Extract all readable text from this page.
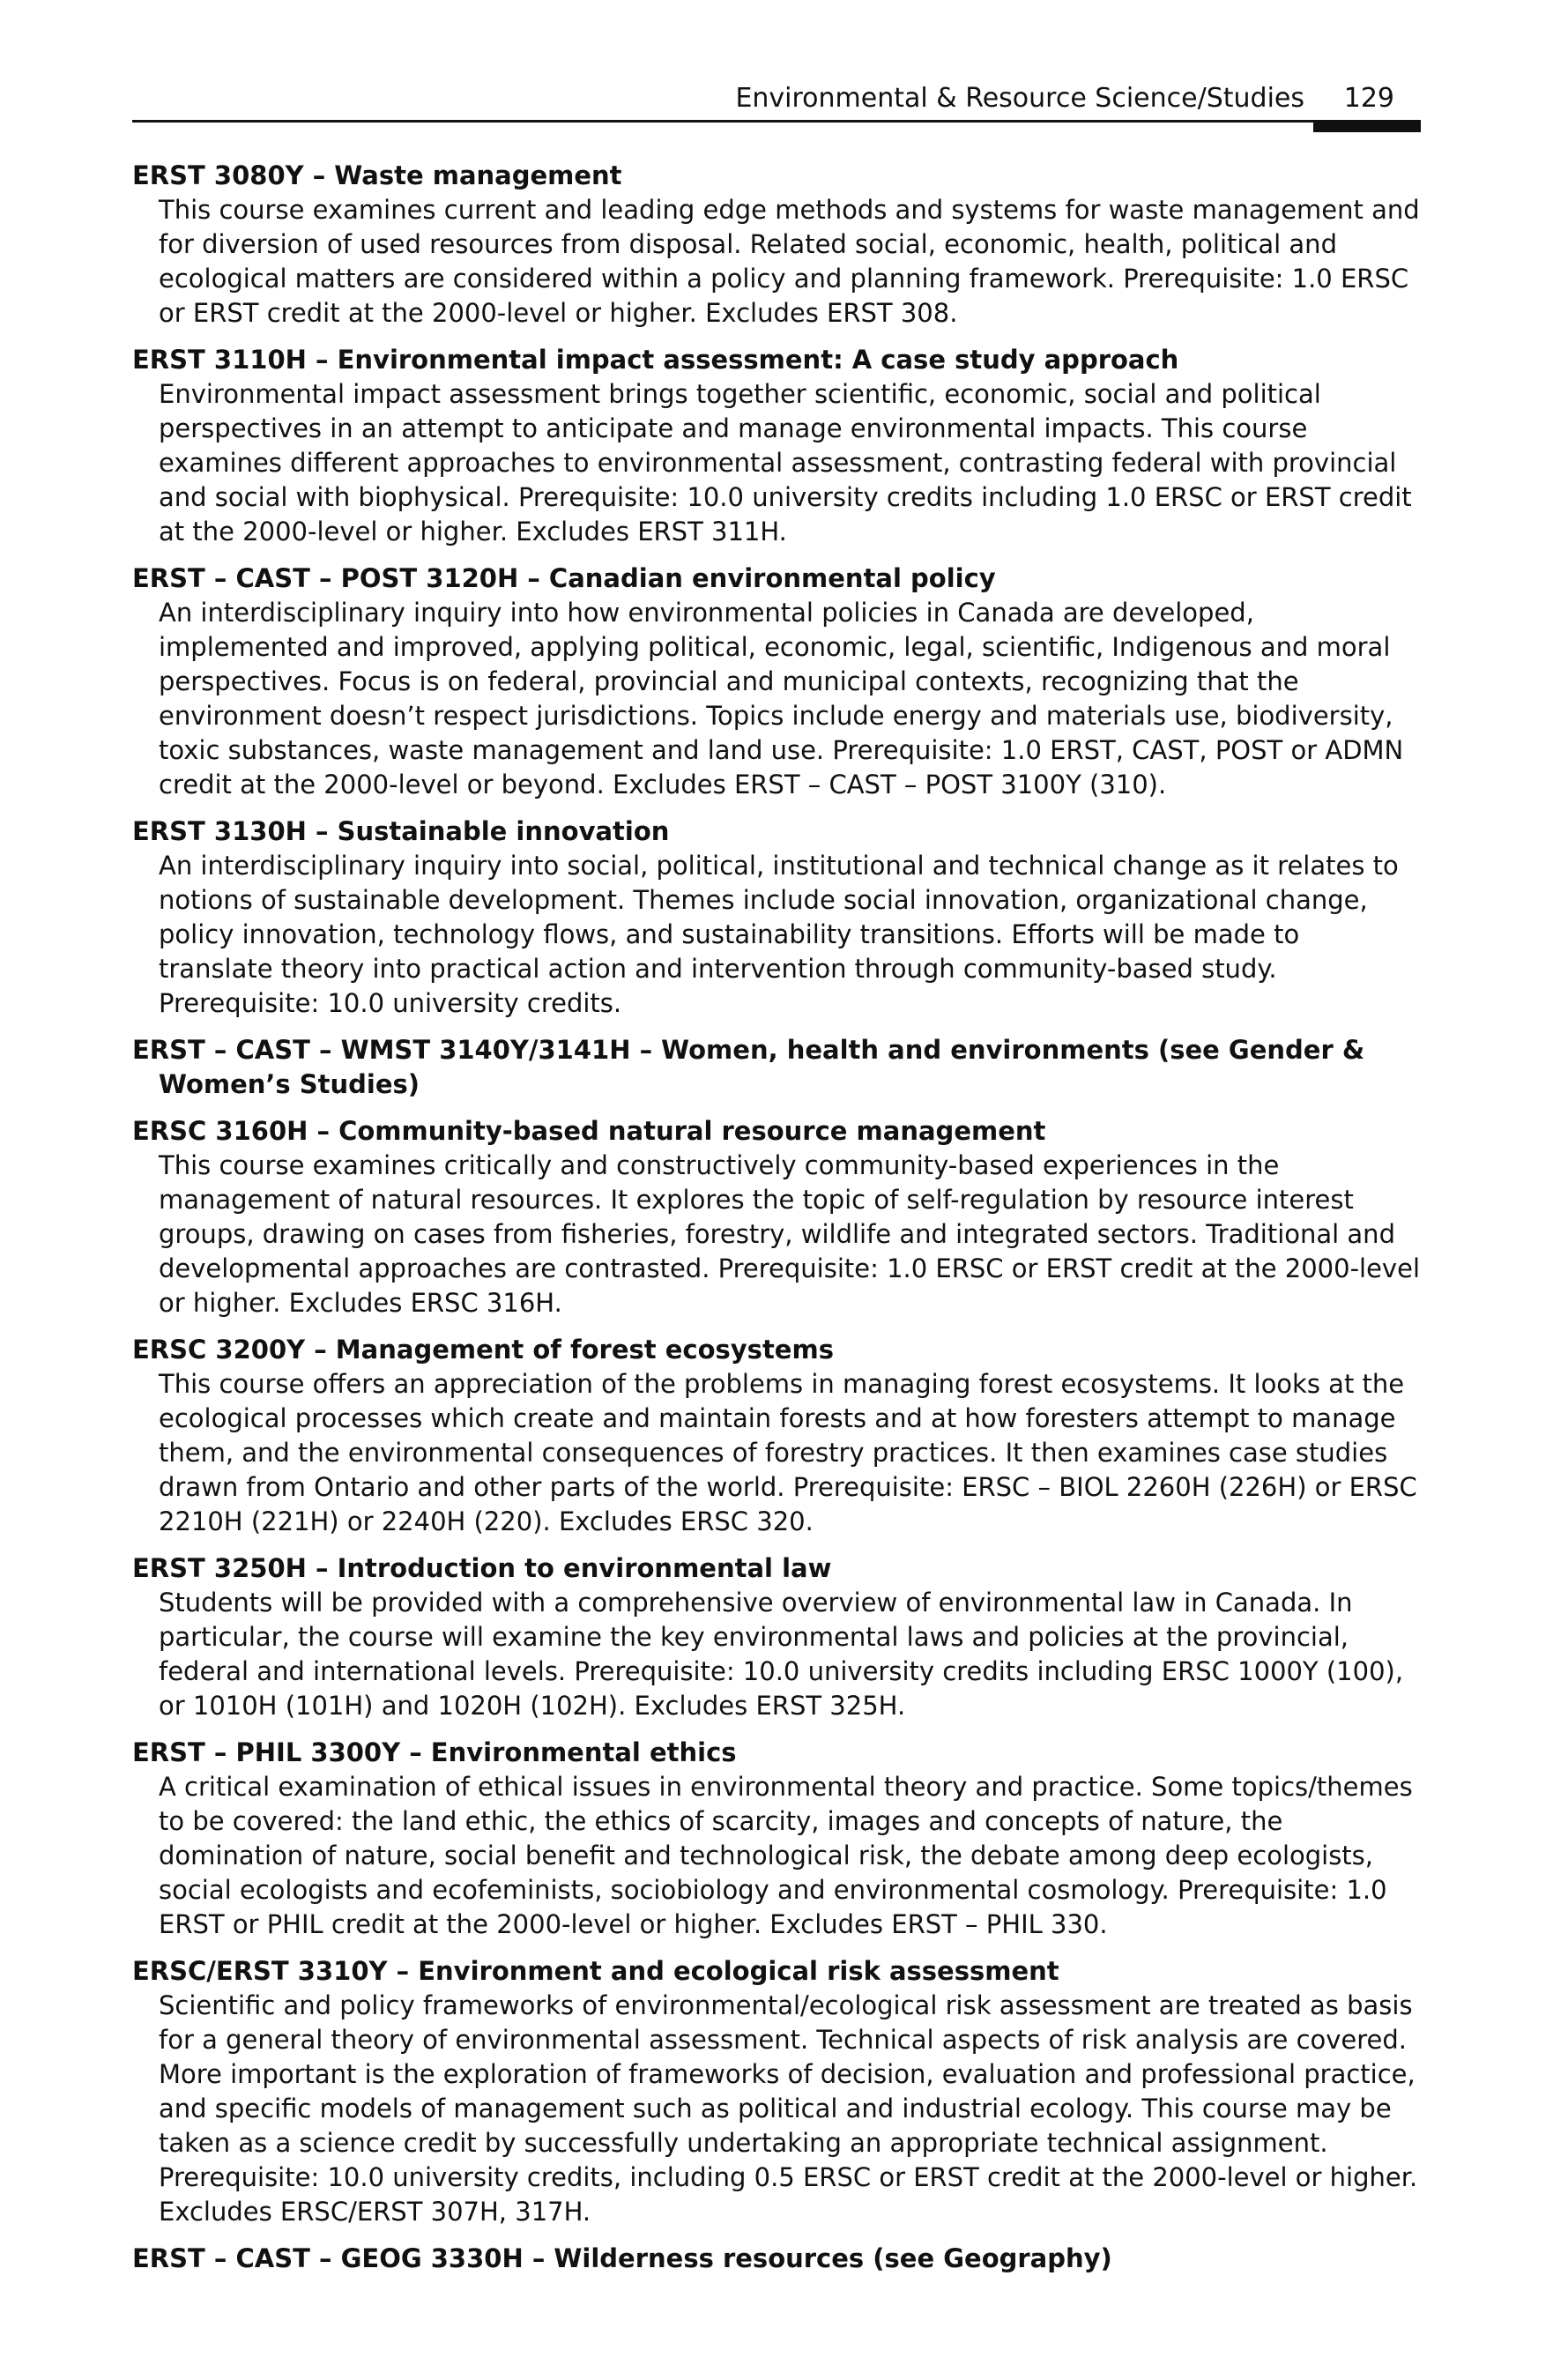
Environmental & Resource Science/Studies 129
ERST 3080Y – Waste management
This course examines current and leading edge methods and systems for waste management and for diversion of used resources from disposal. Related social, economic, health, political and ecological matters are considered within a policy and planning framework. Prerequisite: 1.0 ERSC or ERST credit at the 2000-level or higher. Excludes ERST 308.
ERST 3110H – Environmental impact assessment: A case study approach
Environmental impact assessment brings together scientific, economic, social and political perspectives in an attempt to anticipate and manage environmental impacts. This course examines different approaches to environmental assessment, contrasting federal with provincial and social with biophysical. Prerequisite: 10.0 university credits including 1.0 ERSC or ERST credit at the 2000-level or higher. Excludes ERST 311H.
ERST – CAST – POST 3120H – Canadian environmental policy
An interdisciplinary inquiry into how environmental policies in Canada are developed, implemented and improved, applying political, economic, legal, scientific, Indigenous and moral perspectives. Focus is on federal, provincial and municipal contexts, recognizing that the environment doesn’t respect jurisdictions. Topics include energy and materials use, biodiversity, toxic substances, waste management and land use. Prerequisite: 1.0 ERST, CAST, POST or ADMN credit at the 2000-level or beyond. Excludes ERST – CAST – POST 3100Y (310).
ERST 3130H – Sustainable innovation
An interdisciplinary inquiry into social, political, institutional and technical change as it relates to notions of sustainable development. Themes include social innovation, organizational change, policy innovation, technology flows, and sustainability transitions. Efforts will be made to translate theory into practical action and intervention through community-based study. Prerequisite: 10.0 university credits.
ERST – CAST – WMST 3140Y/3141H – Women, health and environments (see Gender & Women’s Studies)
ERSC 3160H – Community-based natural resource management
This course examines critically and constructively community-based experiences in the management of natural resources. It explores the topic of self-regulation by resource interest groups, drawing on cases from fisheries, forestry, wildlife and integrated sectors. Traditional and developmental approaches are contrasted. Prerequisite: 1.0 ERSC or ERST credit at the 2000-level or higher. Excludes ERSC 316H.
ERSC 3200Y – Management of forest ecosystems
This course offers an appreciation of the problems in managing forest ecosystems. It looks at the ecological processes which create and maintain forests and at how foresters attempt to manage them, and the environmental consequences of forestry practices. It then examines case studies drawn from Ontario and other parts of the world. Prerequisite: ERSC – BIOL 2260H (226H) or ERSC 2210H (221H) or 2240H (220). Excludes ERSC 320.
ERST 3250H – Introduction to environmental law
Students will be provided with a comprehensive overview of environmental law in Canada. In particular, the course will examine the key environmental laws and policies at the provincial, federal and international levels. Prerequisite: 10.0 university credits including ERSC 1000Y (100), or 1010H (101H) and 1020H (102H). Excludes ERST 325H.
ERST – PHIL 3300Y – Environmental ethics
A critical examination of ethical issues in environmental theory and practice. Some topics/themes to be covered: the land ethic, the ethics of scarcity, images and concepts of nature, the domination of nature, social benefit and technological risk, the debate among deep ecologists, social ecologists and ecofeminists, sociobiology and environmental cosmology. Prerequisite: 1.0 ERST or PHIL credit at the 2000-level or higher. Excludes ERST – PHIL 330.
ERSC/ERST 3310Y – Environment and ecological risk assessment
Scientific and policy frameworks of environmental/ecological risk assessment are treated as basis for a general theory of environmental assessment. Technical aspects of risk analysis are covered. More important is the exploration of frameworks of decision, evaluation and professional practice, and specific models of management such as political and industrial ecology. This course may be taken as a science credit by successfully undertaking an appropriate technical assignment. Prerequisite: 10.0 university credits, including 0.5 ERSC or ERST credit at the 2000-level or higher. Excludes ERSC/ERST 307H, 317H.
ERST – CAST – GEOG 3330H – Wilderness resources (see Geography)
